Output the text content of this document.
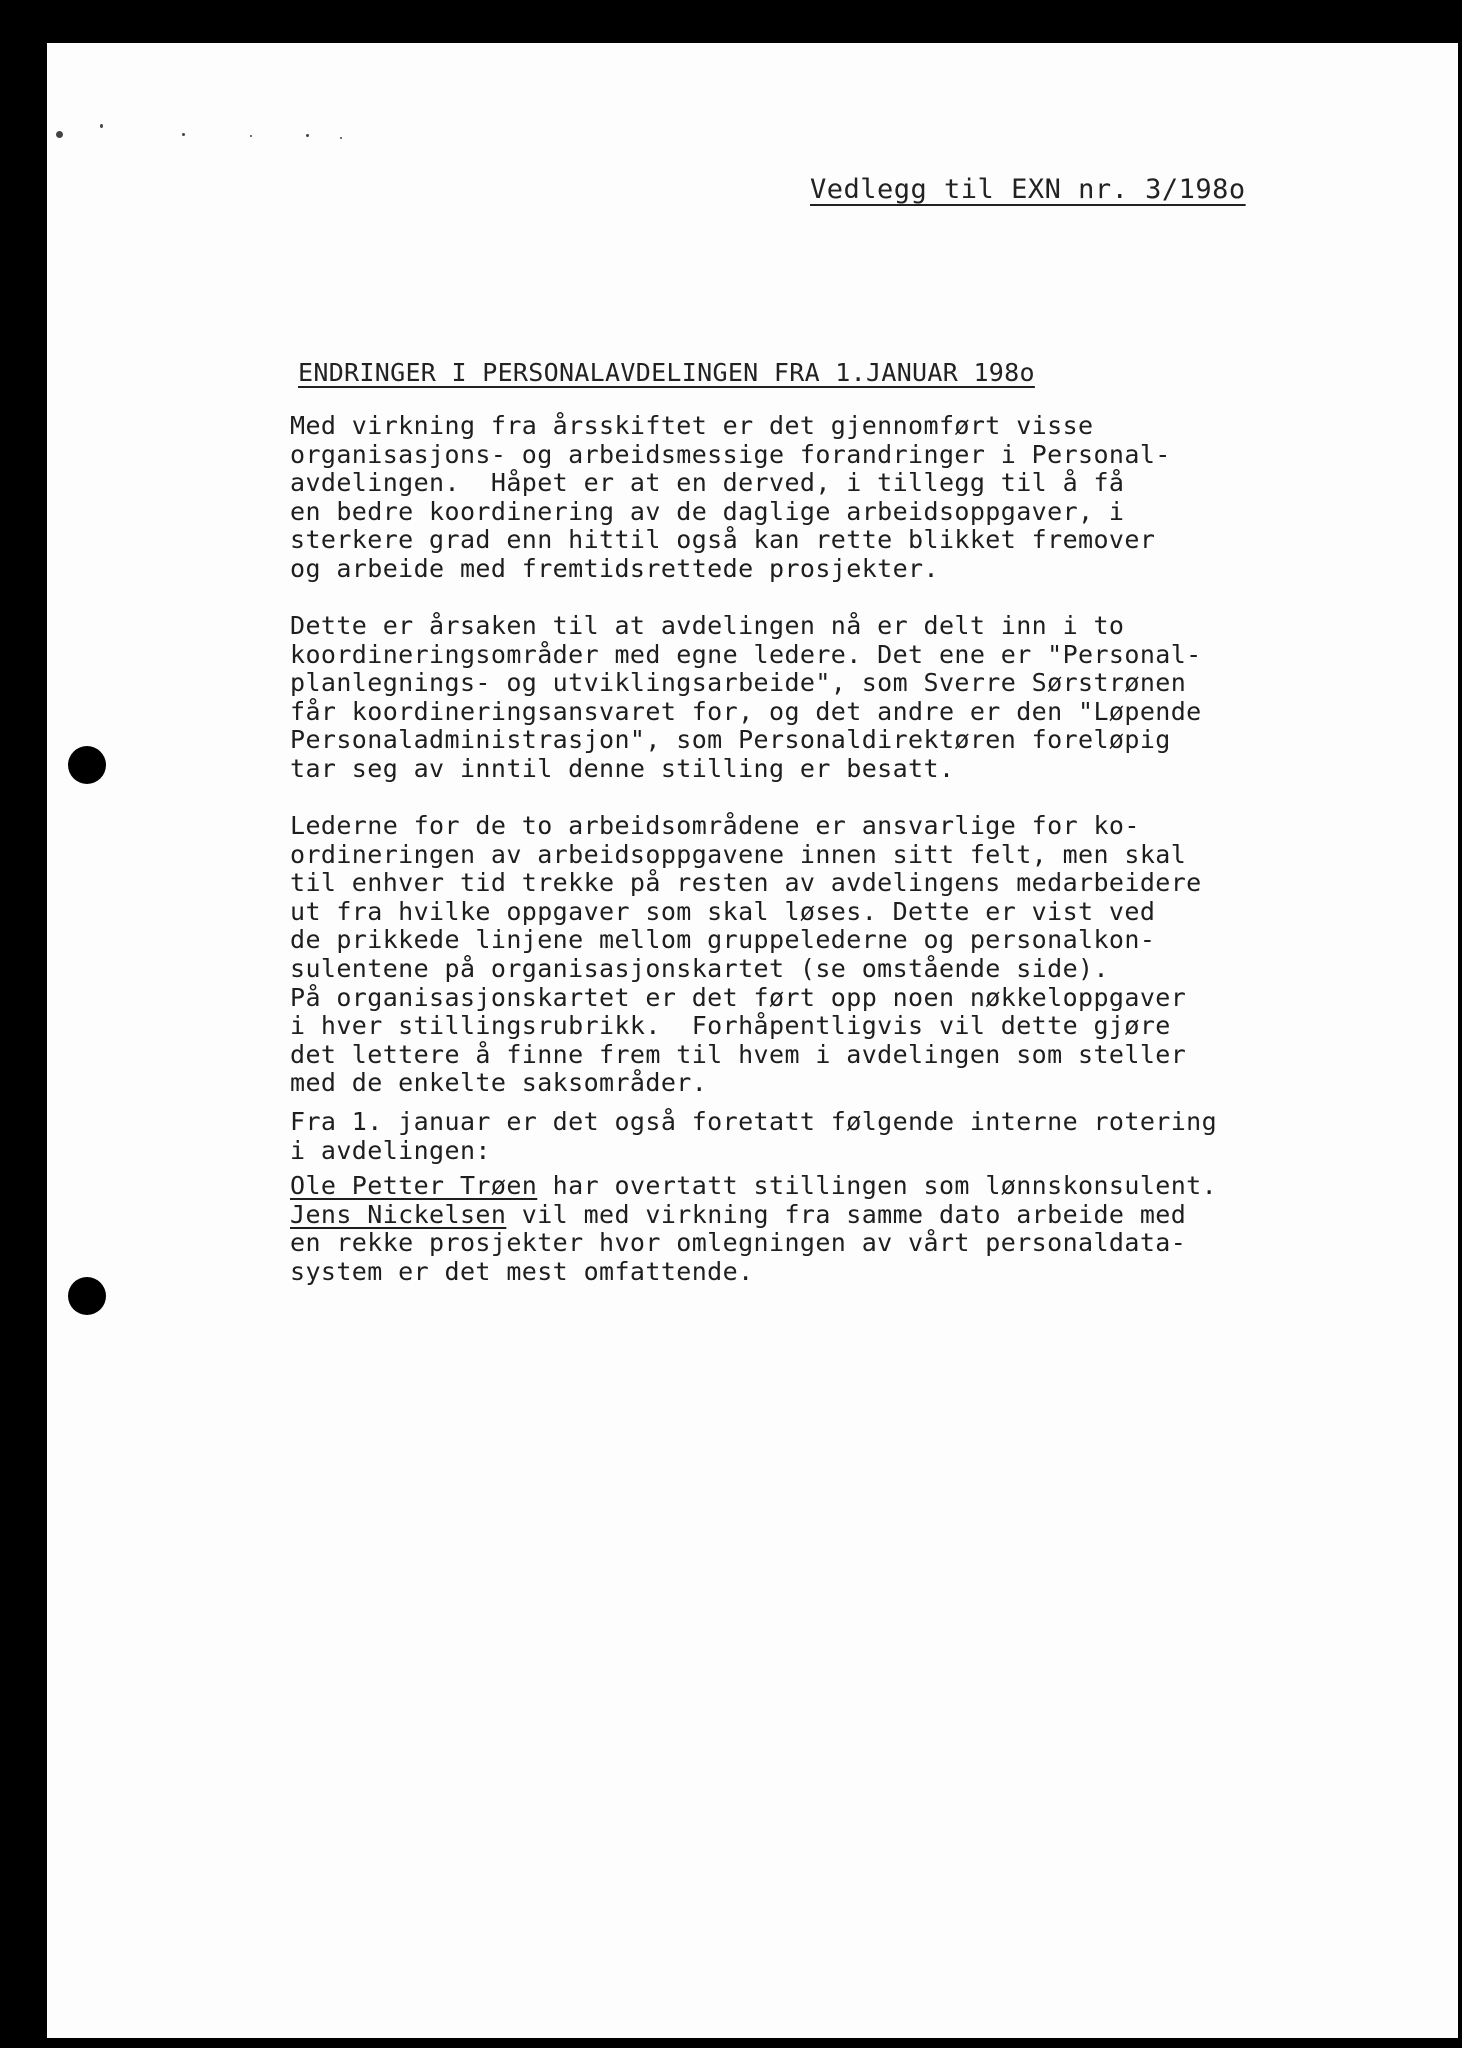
Vedlegg til EXN nr. 3/198o
ENDRINGER I PERSONALAVDELINGEN FRA 1.JANUAR 198o
Med virkning fra årsskiftet er det gjennomført visse
organisasjons- og arbeidsmessige forandringer i Personal-
avdelingen.  Håpet er at en derved, i tillegg til å få
en bedre koordinering av de daglige arbeidsoppgaver, i
sterkere grad enn hittil også kan rette blikket fremover
og arbeide med fremtidsrettede prosjekter.
Dette er årsaken til at avdelingen nå er delt inn i to
koordineringsområder med egne ledere. Det ene er "Personal-
planlegnings- og utviklingsarbeide", som Sverre Sørstrønen
får koordineringsansvaret for, og det andre er den "Løpende
Personaladministrasjon", som Personaldirektøren foreløpig
tar seg av inntil denne stilling er besatt.
Lederne for de to arbeidsområdene er ansvarlige for ko-
ordineringen av arbeidsoppgavene innen sitt felt, men skal
til enhver tid trekke på resten av avdelingens medarbeidere
ut fra hvilke oppgaver som skal løses. Dette er vist ved
de prikkede linjene mellom gruppelederne og personalkon-
sulentene på organisasjonskartet (se omstående side).
På organisasjonskartet er det ført opp noen nøkkeloppgaver
i hver stillingsrubrikk.  Forhåpentligvis vil dette gjøre
det lettere å finne frem til hvem i avdelingen som steller
med de enkelte saksområder.
Fra 1. januar er det også foretatt følgende interne rotering
i avdelingen:
Ole Petter Trøen har overtatt stillingen som lønnskonsulent.
Jens Nickelsen vil med virkning fra samme dato arbeide med
en rekke prosjekter hvor omlegningen av vårt personaldata-
system er det mest omfattende.
